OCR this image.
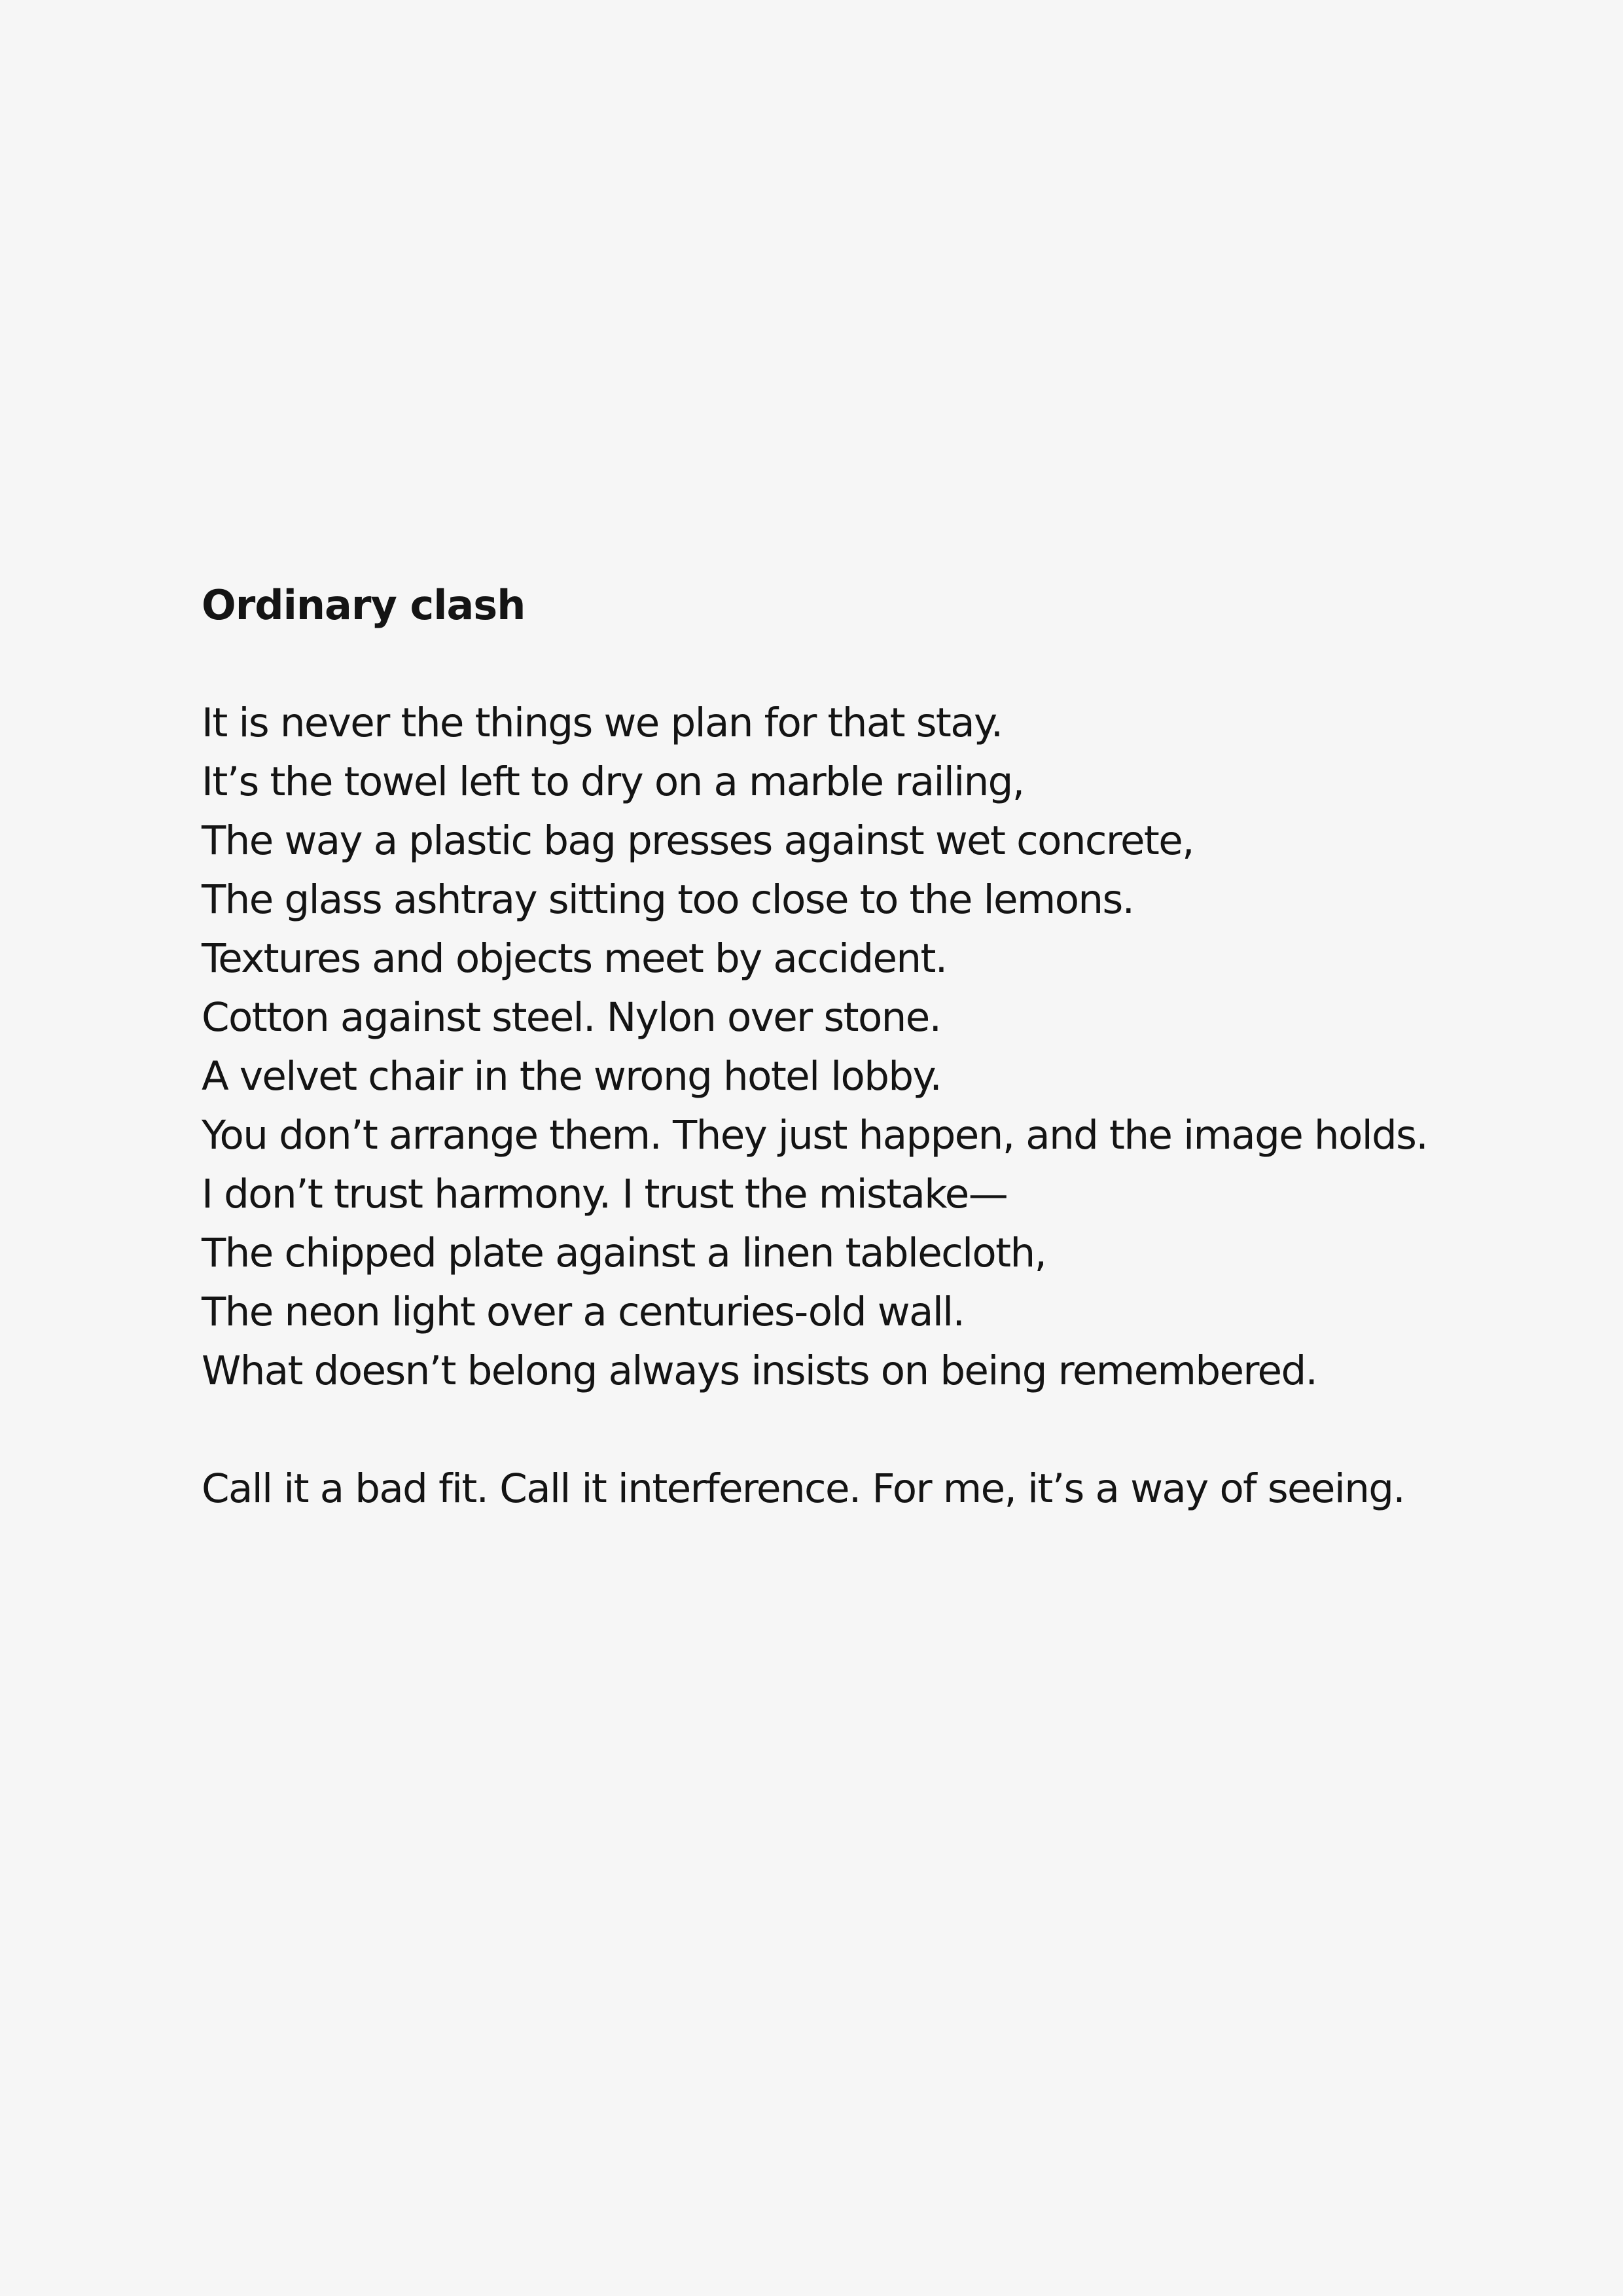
Ordinary clash

It is never the things we plan for that stay.
It’s the towel left to dry on a marble railing,
The way a plastic bag presses against wet concrete,
The glass ashtray sitting too close to the lemons.
Textures and objects meet by accident.
Cotton against steel. Nylon over stone.
A velvet chair in the wrong hotel lobby.
You don’t arrange them. They just happen, and the image holds.
I don’t trust harmony. I trust the mistake—
The chipped plate against a linen tablecloth,
The neon light over a centuries-old wall.
What doesn’t belong always insists on being remembered.

Call it a bad fit. Call it interference. For me, it’s a way of seeing.
